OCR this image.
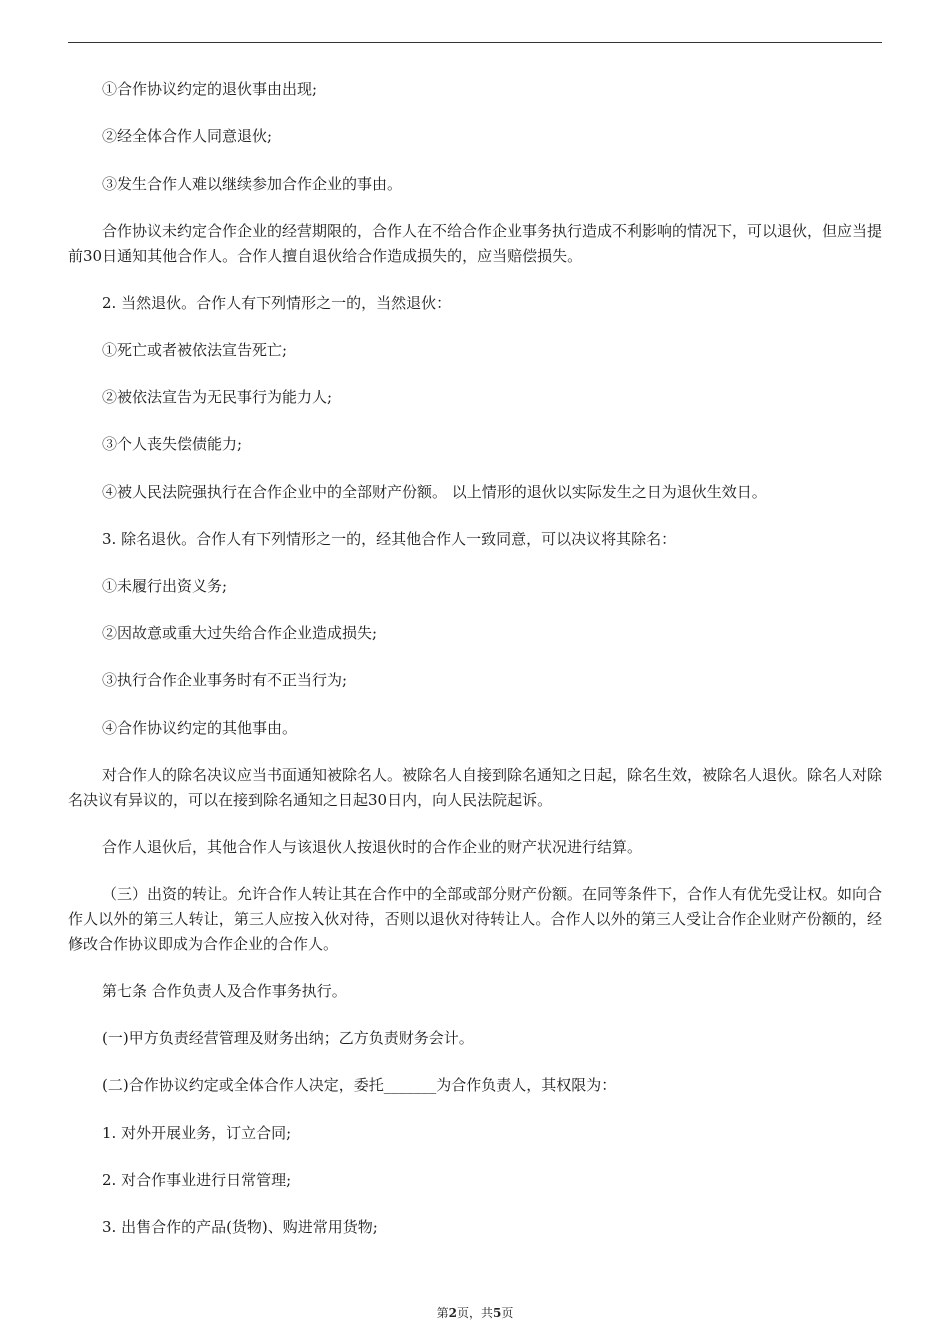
①合作协议约定的退伙事由出现;
②经全体合作人同意退伙;
③发生合作人难以继续参加合作企业的事由。
合作协议未约定合作企业的经营期限的，合作人在不给合作企业事务执行造成不利影响的情况下，可以退伙，但应当提前30日通知其他合作人。合作人擅自退伙给合作造成损失的，应当赔偿损失。
2. 当然退伙。合作人有下列情形之一的，当然退伙：
①死亡或者被依法宣告死亡;
②被依法宣告为无民事行为能力人;
③个人丧失偿债能力;
④被人民法院强执行在合作企业中的全部财产份额。 以上情形的退伙以实际发生之日为退伙生效日。
3. 除名退伙。合作人有下列情形之一的，经其他合作人一致同意，可以决议将其除名：
①未履行出资义务;
②因故意或重大过失给合作企业造成损失;
③执行合作企业事务时有不正当行为;
④合作协议约定的其他事由。
对合作人的除名决议应当书面通知被除名人。被除名人自接到除名通知之日起，除名生效，被除名人退伙。除名人对除名决议有异议的，可以在接到除名通知之日起30日内，向人民法院起诉。
合作人退伙后，其他合作人与该退伙人按退伙时的合作企业的财产状况进行结算。
（三）出资的转让。允许合作人转让其在合作中的全部或部分财产份额。在同等条件下，合作人有优先受让权。如向合作人以外的第三人转让，第三人应按入伙对待，否则以退伙对待转让人。合作人以外的第三人受让合作企业财产份额的，经修改合作协议即成为合作企业的合作人。
第七条 合作负责人及合作事务执行。
(一)甲方负责经营管理及财务出纳；乙方负责财务会计。
(二)合作协议约定或全体合作人决定，委托_______为合作负责人，其权限为：
1. 对外开展业务，订立合同;
2. 对合作事业进行日常管理;
3. 出售合作的产品(货物)、购进常用货物;
第2页，共5页
